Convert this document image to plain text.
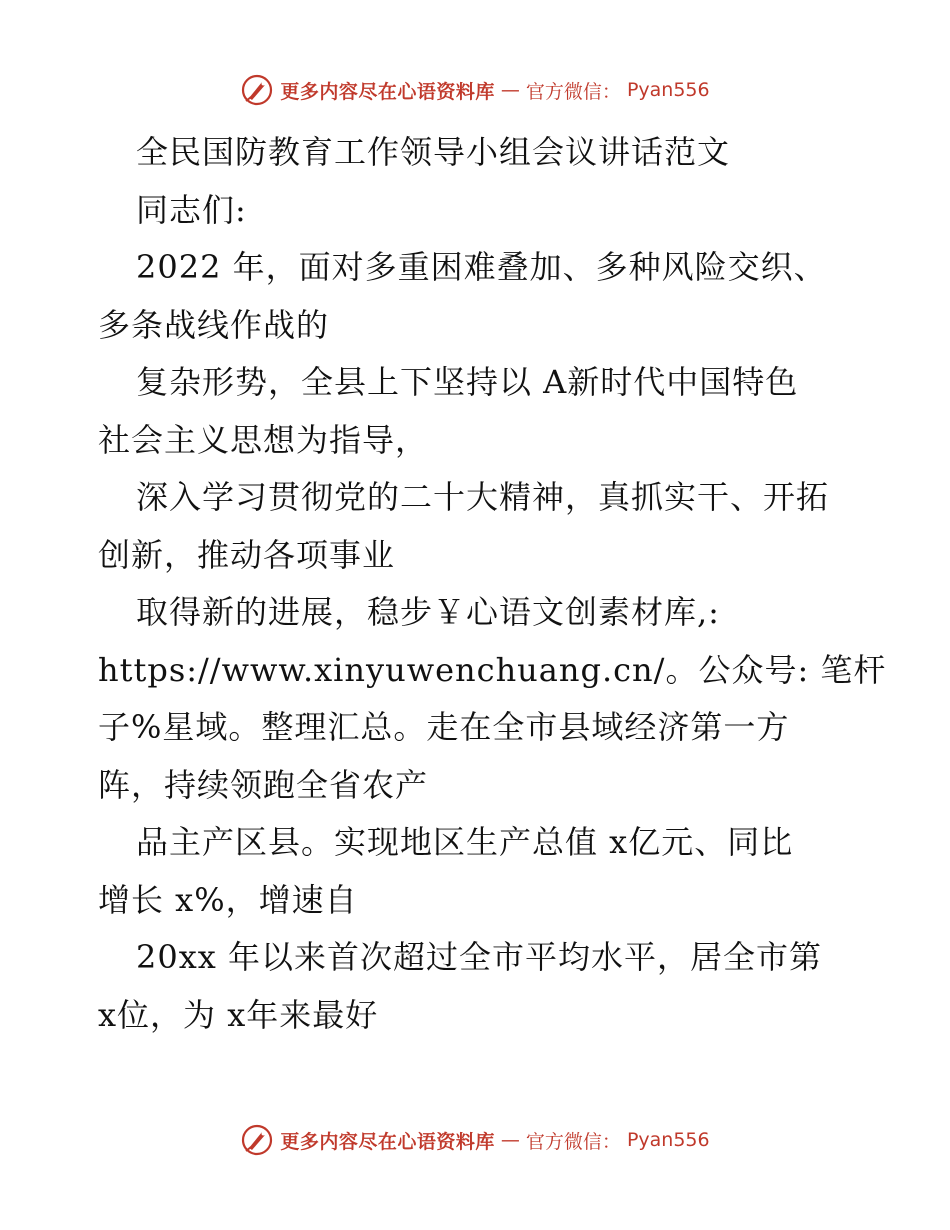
更多内容尽在心语资料库 — 官方微信： Pyan556
全民国防教育工作领导小组会议讲话范文
同志们:
2022 年，面对多重困难叠加、多种风险交织、
多条战线作战的
复杂形势，全县上下坚持以 A新时代中国特色
社会主义思想为指导，
深入学习贯彻党的二十大精神，真抓实干、开拓
创新，推动各项事业
取得新的进展，稳步￥心语文创素材库,:
https://www.xinyuwenchuang.cn/。公众号: 笔杆
子%星域。整理汇总。走在全市县域经济第一方
阵，持续领跑全省农产
品主产区县。实现地区生产总值 x亿元、同比
增长 x%，增速自
20xx 年以来首次超过全市平均水平，居全市第
x位，为 x年来最好
更多内容尽在心语资料库 — 官方微信： Pyan556
